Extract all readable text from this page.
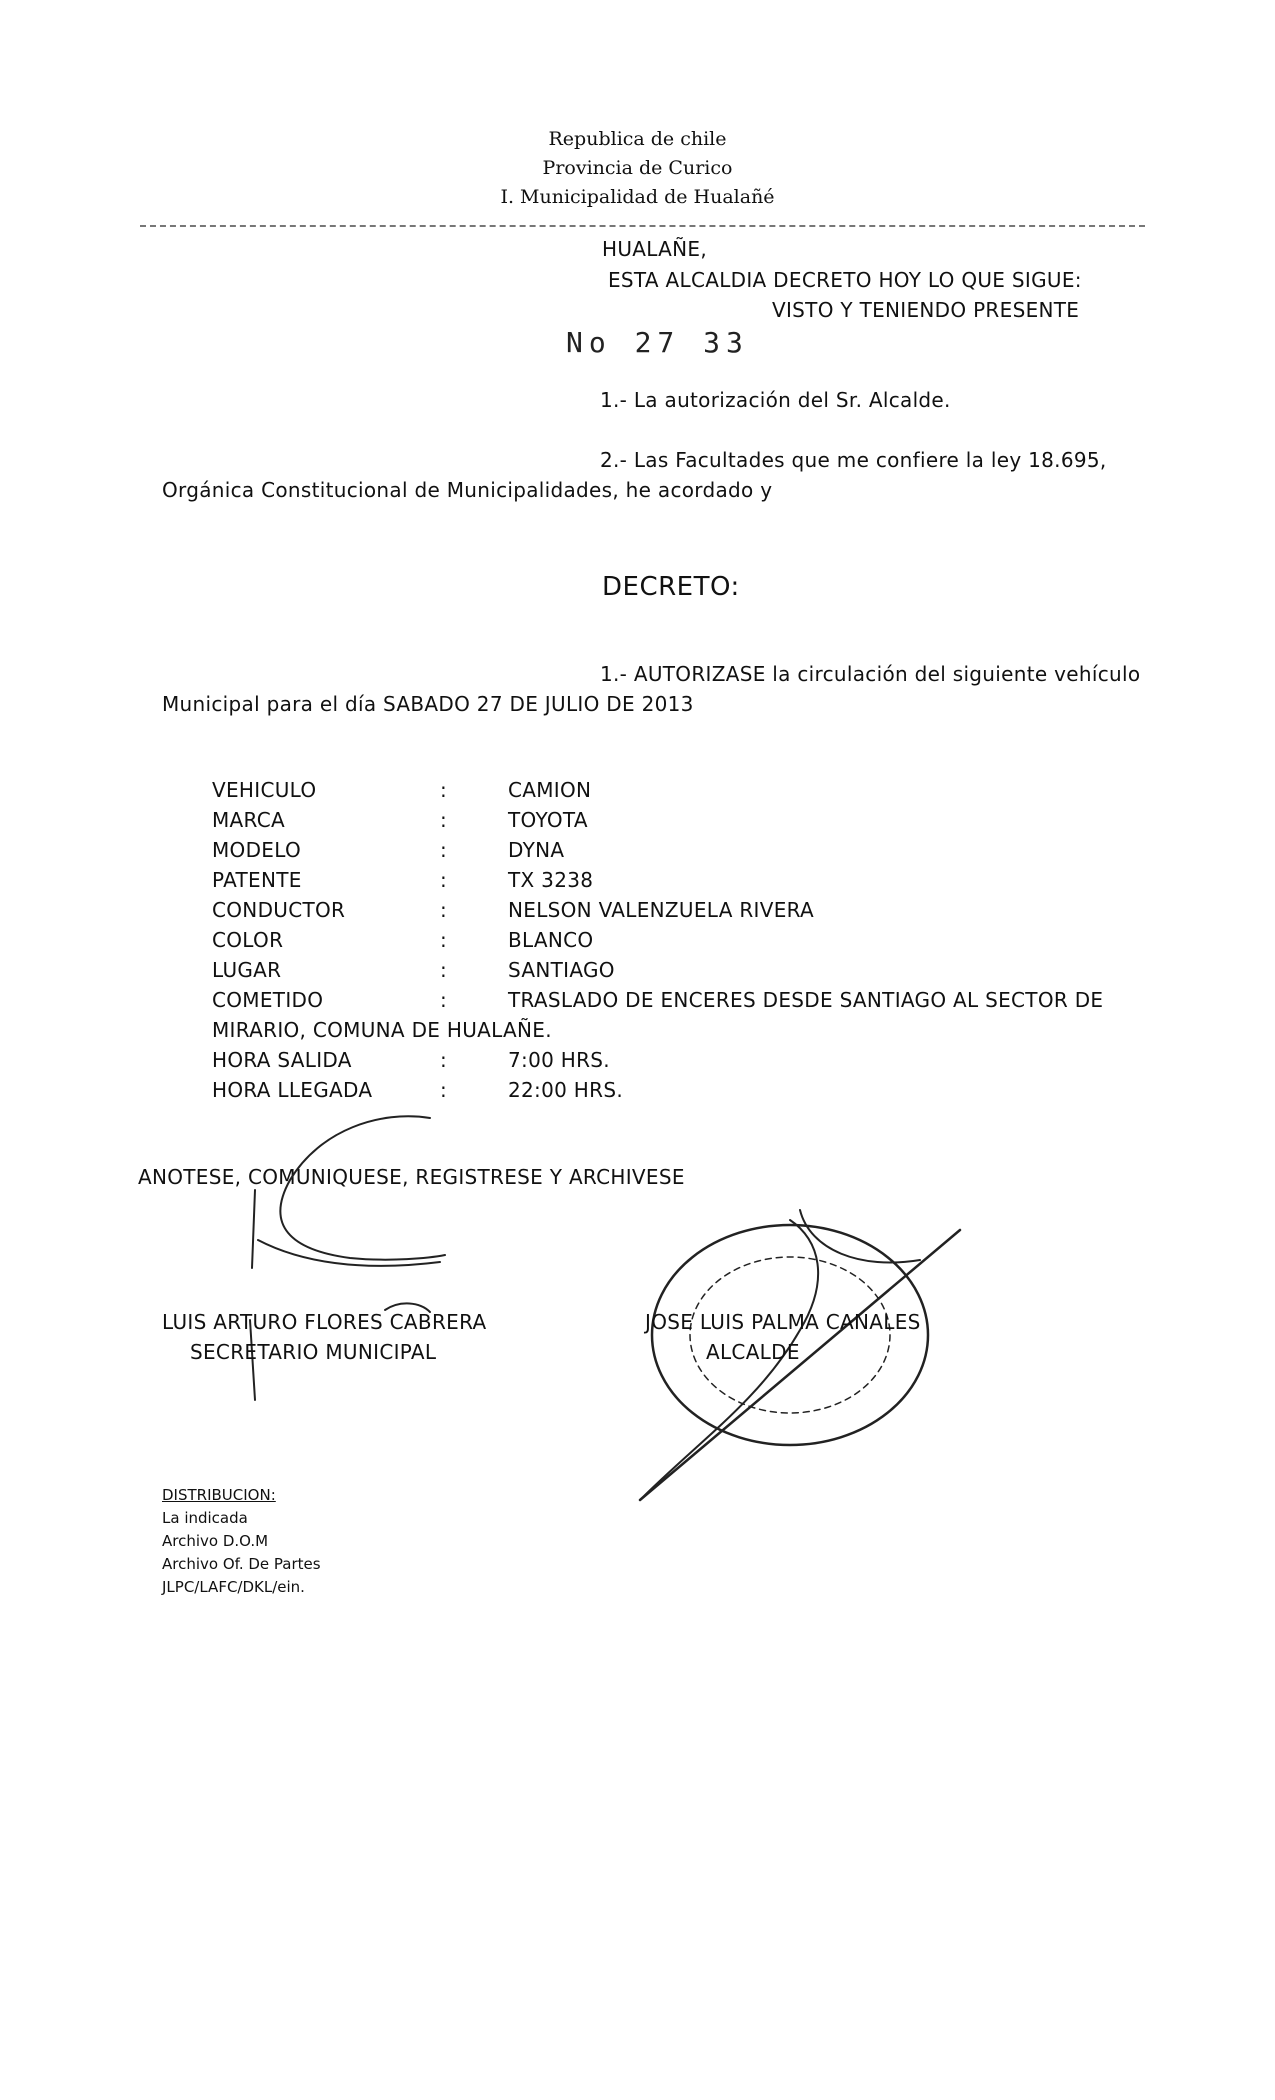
Republica de chile
Provincia de Curico
I. Municipalidad de Hualañé
HUALAÑE,
ESTA ALCALDIA DECRETO HOY LO QUE SIGUE:
VISTO Y TENIENDO PRESENTE
No 27 33
1.- La autorización del Sr. Alcalde.
2.- Las Facultades que me confiere la ley 18.695,
Orgánica Constitucional de Municipalidades, he acordado y
DECRETO:
1.- AUTORIZASE la circulación del siguiente vehículo
Municipal para el día SABADO 27 DE JULIO DE 2013
VEHICULO	:	CAMION
MARCA	:	TOYOTA
MODELO	:	DYNA
PATENTE	:	TX 3238
CONDUCTOR	:	NELSON VALENZUELA RIVERA
COLOR	:	BLANCO
LUGAR	:	SANTIAGO
COMETIDO	:	TRASLADO DE ENCERES DESDE SANTIAGO AL SECTOR DE
MIRARIO, COMUNA DE HUALAÑE.
HORA SALIDA	:	7:00 HRS.
HORA LLEGADA	:	22:00 HRS.
ANOTESE, COMUNIQUESE, REGISTRESE Y ARCHIVESE
LUIS ARTURO FLORES CABRERA
SECRETARIO MUNICIPAL
JOSE LUIS PALMA CANALES
ALCALDE
DISTRIBUCION:
La indicada
Archivo D.O.M
Archivo Of. De Partes
JLPC/LAFC/DKL/ein.
